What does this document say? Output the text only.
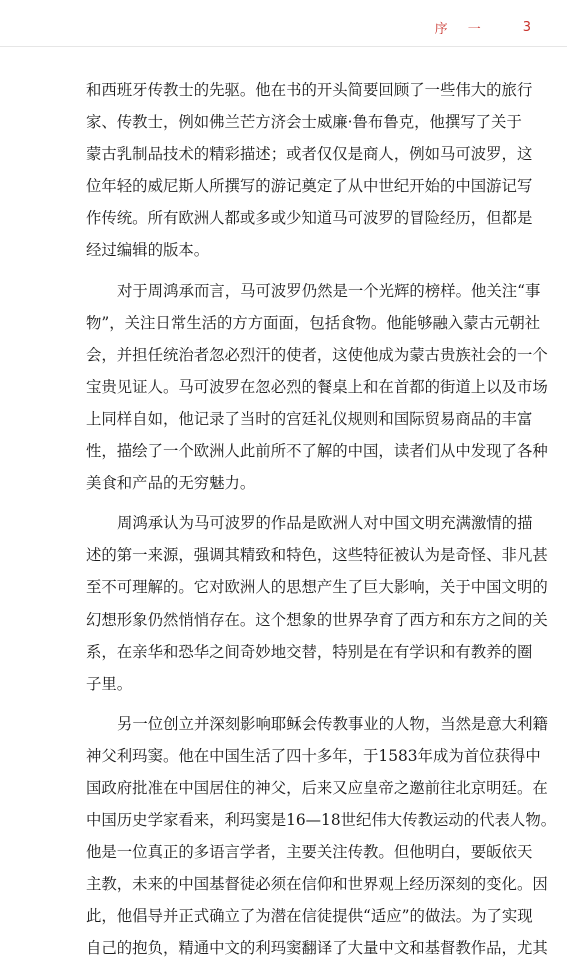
序 一	3
和西班牙传教士的先驱。他在书的开头简要回顾了一些伟大的旅行
家、传教士，例如佛兰芒方济会士威廉·鲁布鲁克，他撰写了关于
蒙古乳制品技术的精彩描述；或者仅仅是商人，例如马可波罗，这
位年轻的威尼斯人所撰写的游记奠定了从中世纪开始的中国游记写
作传统。所有欧洲人都或多或少知道马可波罗的冒险经历，但都是
经过编辑的版本。
对于周鸿承而言，马可波罗仍然是一个光辉的榜样。他关注“事
物”，关注日常生活的方方面面，包括食物。他能够融入蒙古元朝社
会，并担任统治者忽必烈汗的使者，这使他成为蒙古贵族社会的一个
宝贵见证人。马可波罗在忽必烈的餐桌上和在首都的街道上以及市场
上同样自如，他记录了当时的宫廷礼仪规则和国际贸易商品的丰富
性，描绘了一个欧洲人此前所不了解的中国，读者们从中发现了各种
美食和产品的无穷魅力。
周鸿承认为马可波罗的作品是欧洲人对中国文明充满激情的描
述的第一来源，强调其精致和特色，这些特征被认为是奇怪、非凡甚
至不可理解的。它对欧洲人的思想产生了巨大影响，关于中国文明的
幻想形象仍然悄悄存在。这个想象的世界孕育了西方和东方之间的关
系，在亲华和恐华之间奇妙地交替，特别是在有学识和有教养的圈
子里。
另一位创立并深刻影响耶稣会传教事业的人物，当然是意大利籍
神父利玛窦。他在中国生活了四十多年，于1583年成为首位获得中
国政府批准在中国居住的神父，后来又应皇帝之邀前往北京明廷。在
中国历史学家看来，利玛窦是16—18世纪伟大传教运动的代表人物。
他是一位真正的多语言学者，主要关注传教。但他明白，要皈依天
主教，未来的中国基督徒必须在信仰和世界观上经历深刻的变化。因
此，他倡导并正式确立了为潜在信徒提供“适应”的做法。为了实现
自己的抱负，精通中文的利玛窦翻译了大量中文和基督教作品，尤其
